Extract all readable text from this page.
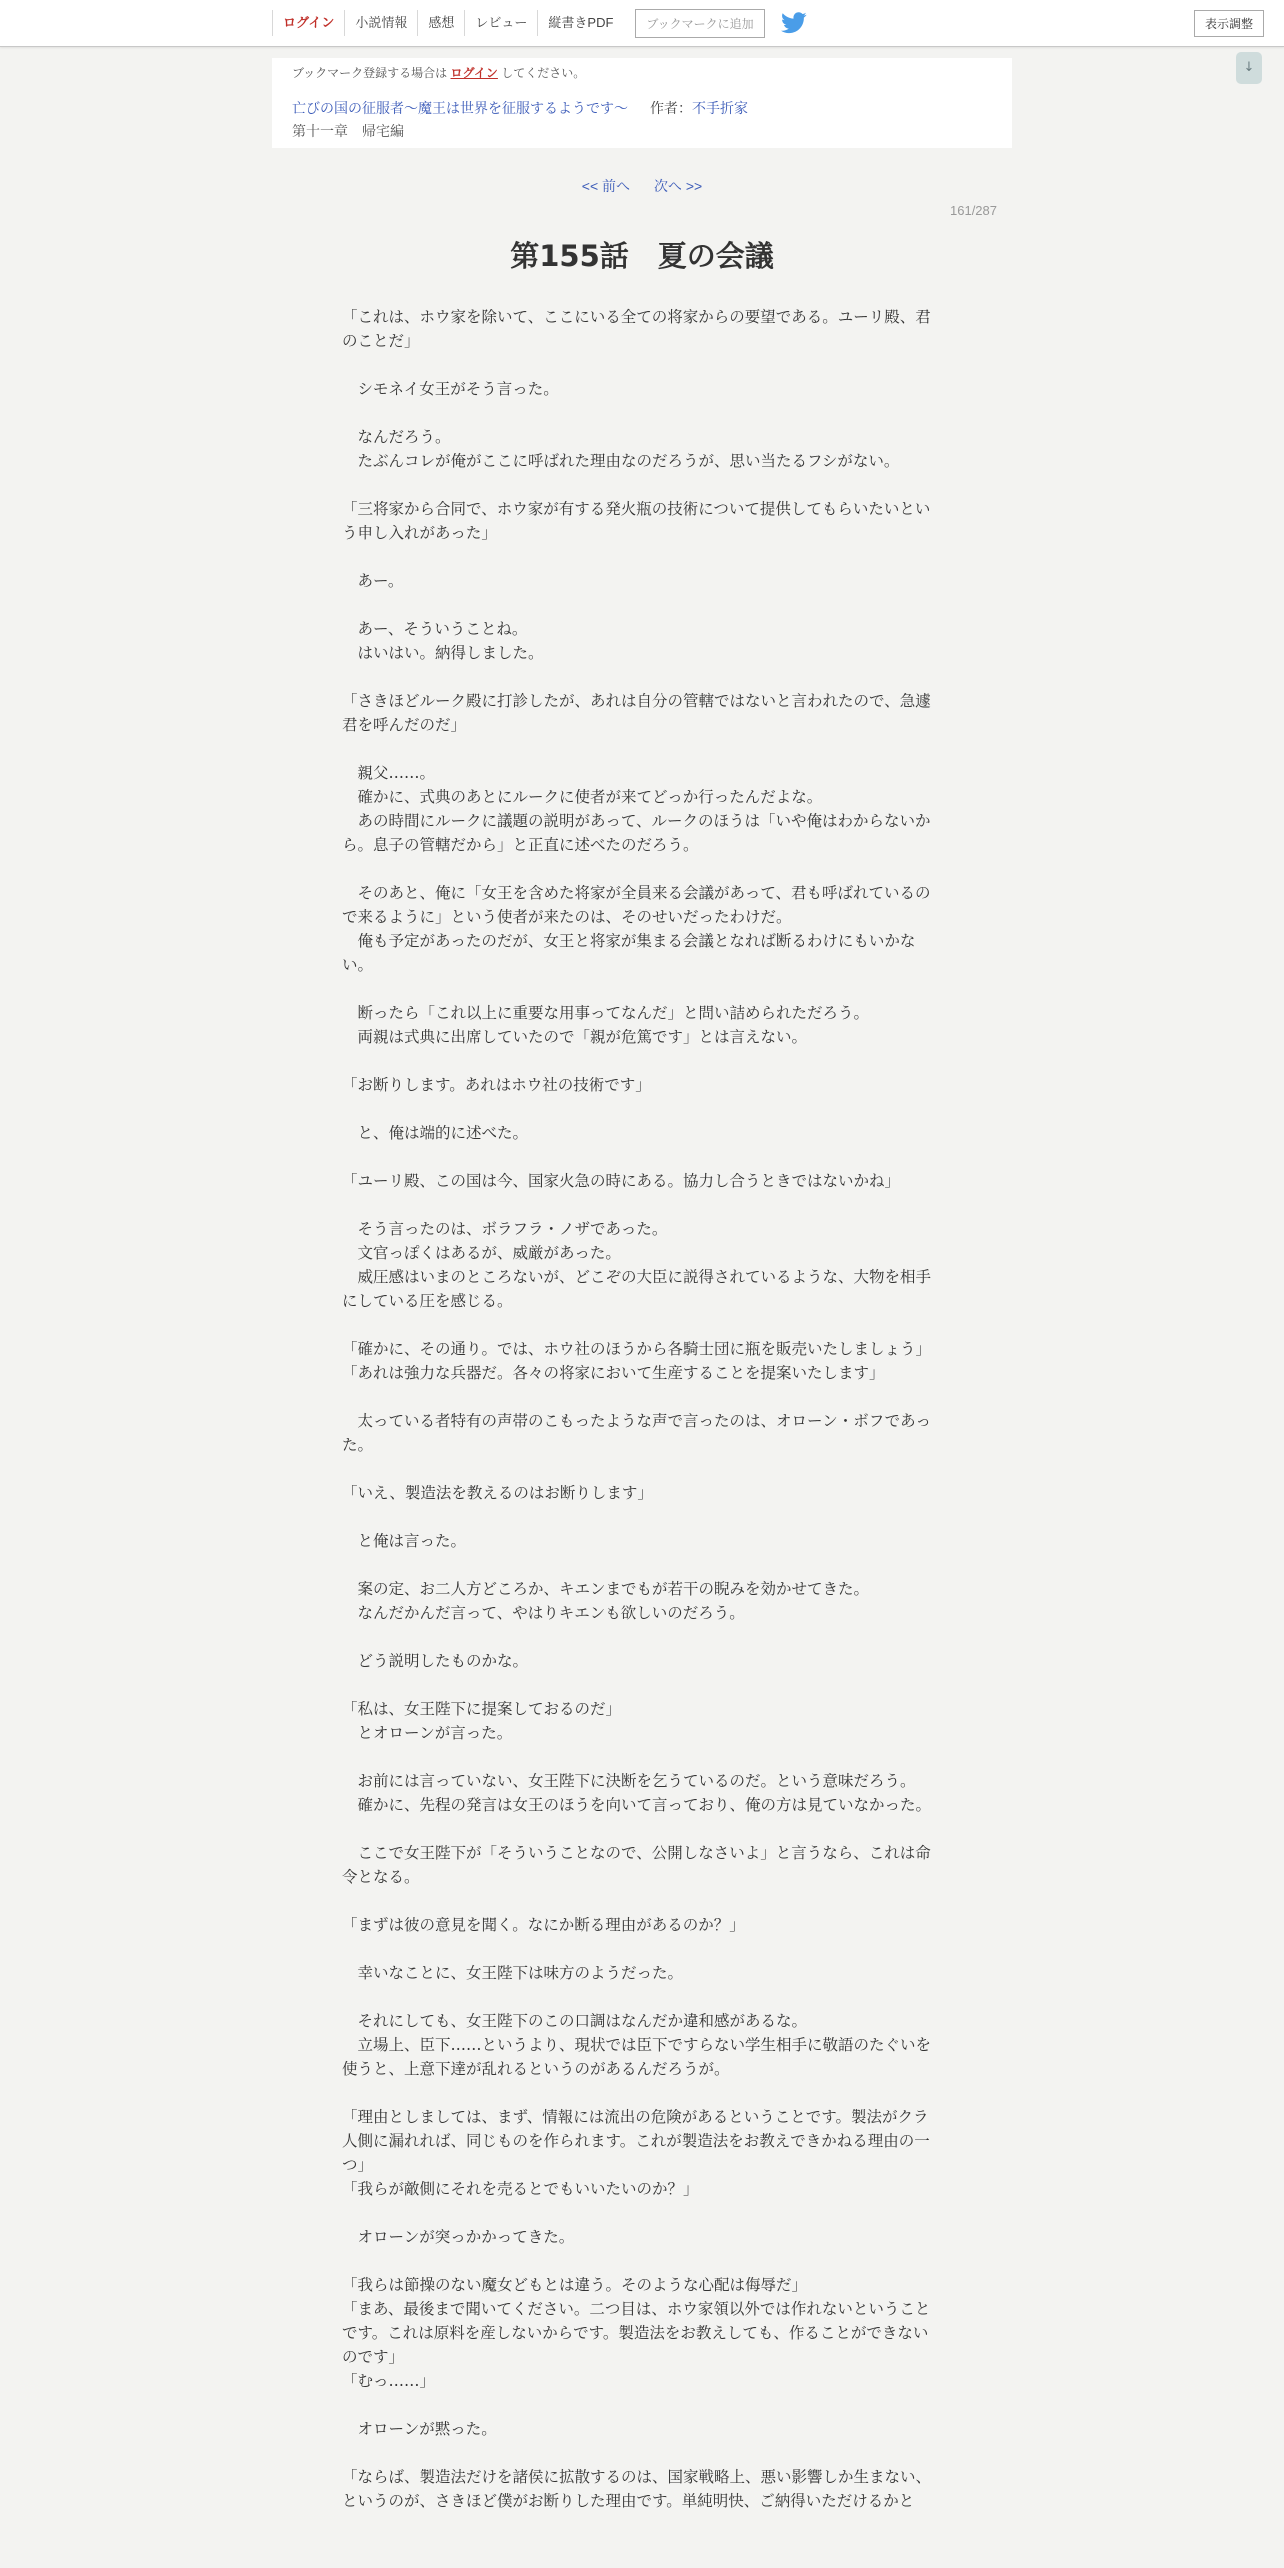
ログイン	小説情報	感想	レビュー	縦書きPDF	ブックマークに追加	表示調整
↓
ブックマーク登録する場合は ログイン してください。
亡びの国の征服者～魔王は世界を征服するようです～ 作者：不手折家
第十一章　帰宅編
<< 前へ 次へ >>
161/287
第155話　夏の会議

「これは、ホウ家を除いて、ここにいる全ての将家からの要望である。ユーリ殿、君のことだ」

　シモネイ女王がそう言った。

　なんだろう。

　たぶんコレが俺がここに呼ばれた理由なのだろうが、思い当たるフシがない。

「三将家から合同で、ホウ家が有する発火瓶の技術について提供してもらいたいという申し入れがあった」

　あー。

　あー、そういうことね。

　はいはい。納得しました。

「さきほどルーク殿に打診したが、あれは自分の管轄ではないと言われたので、急遽君を呼んだのだ」

　親父……。

　確かに、式典のあとにルークに使者が来てどっか行ったんだよな。

　あの時間にルークに議題の説明があって、ルークのほうは「いや俺はわからないから。息子の管轄だから」と正直に述べたのだろう。

　そのあと、俺に「女王を含めた将家が全員来る会議があって、君も呼ばれているので来るように」という使者が来たのは、そのせいだったわけだ。

　俺も予定があったのだが、女王と将家が集まる会議となれば断るわけにもいかない。

　断ったら「これ以上に重要な用事ってなんだ」と問い詰められただろう。

　両親は式典に出席していたので「親が危篤です」とは言えない。

「お断りします。あれはホウ社の技術です」

　と、俺は端的に述べた。

「ユーリ殿、この国は今、国家火急の時にある。協力し合うときではないかね」

　そう言ったのは、ボラフラ・ノザであった。

　文官っぽくはあるが、威厳があった。

　威圧感はいまのところないが、どこぞの大臣に説得されているような、大物を相手にしている圧を感じる。

「確かに、その通り。では、ホウ社のほうから各騎士団に瓶を販売いたしましょう」

「あれは強力な兵器だ。各々の将家において生産することを提案いたします」

　太っている者特有の声帯のこもったような声で言ったのは、オローン・ボフであった。

「いえ、製造法を教えるのはお断りします」

　と俺は言った。

　案の定、お二人方どころか、キエンまでもが若干の睨みを効かせてきた。

　なんだかんだ言って、やはりキエンも欲しいのだろう。

　どう説明したものかな。

「私は、女王陛下に提案しておるのだ」

　とオローンが言った。

　お前には言っていない、女王陛下に決断を乞うているのだ。という意味だろう。

　確かに、先程の発言は女王のほうを向いて言っており、俺の方は見ていなかった。

　ここで女王陛下が「そういうことなので、公開しなさいよ」と言うなら、これは命令となる。

「まずは彼の意見を聞く。なにか断る理由があるのか？」

　幸いなことに、女王陛下は味方のようだった。

　それにしても、女王陛下のこの口調はなんだか違和感があるな。

　立場上、臣下……というより、現状では臣下ですらない学生相手に敬語のたぐいを使うと、上意下達が乱れるというのがあるんだろうが。

「理由としましては、まず、情報には流出の危険があるということです。製法がクラ人側に漏れれば、同じものを作られます。これが製造法をお教えできかねる理由の一つ」

「我らが敵側にそれを売るとでもいいたいのか？」

　オローンが突っかかってきた。

「我らは節操のない魔女どもとは違う。そのような心配は侮辱だ」

「まあ、最後まで聞いてください。二つ目は、ホウ家領以外では作れないということです。これは原料を産しないからです。製造法をお教えしても、作ることができないのです」

「むっ……」

　オローンが黙った。

「ならば、製造法だけを諸侯に拡散するのは、国家戦略上、悪い影響しか生まない、というのが、さきほど僕がお断りした理由です。単純明快、ご納得いただけるかと
